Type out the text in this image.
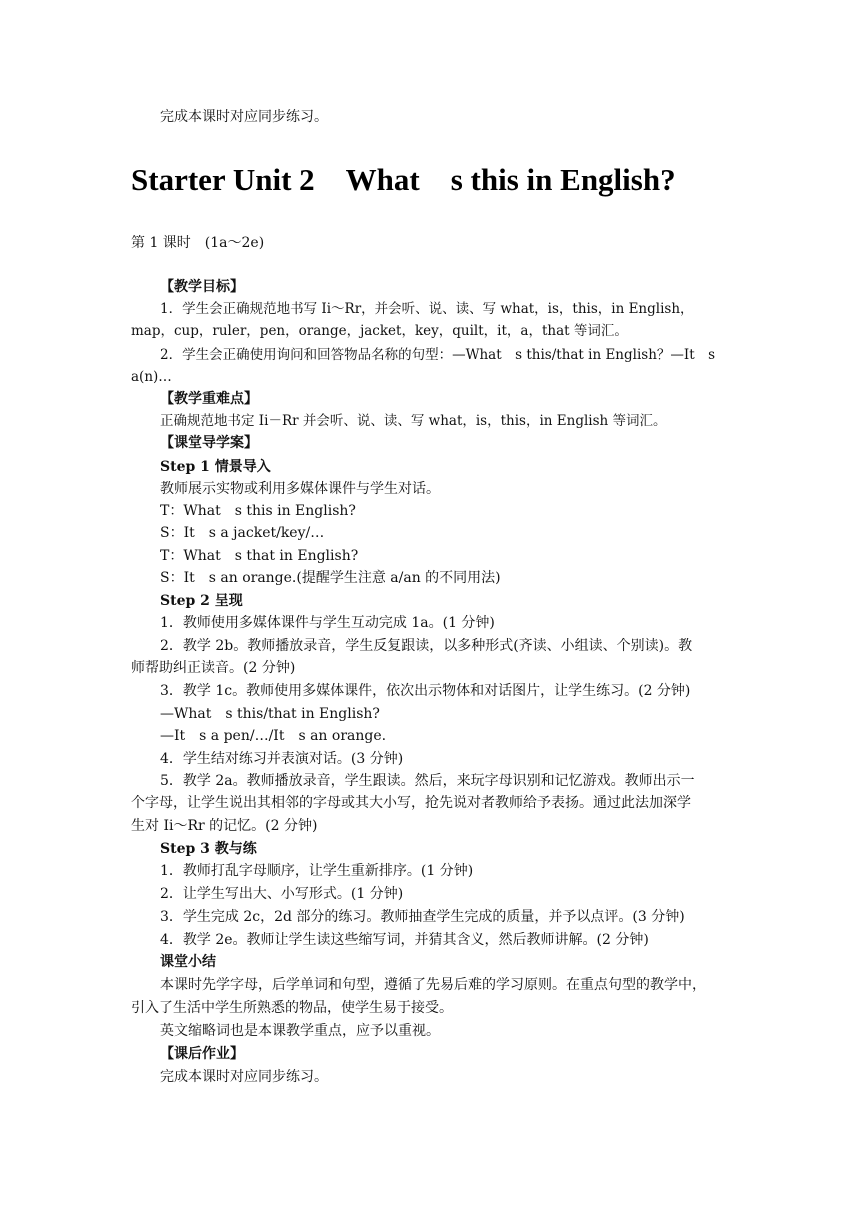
完成本课时对应同步练习。
Starter Unit 2　What　s this in English?
第 1 课时　(1a～2e)
【教学目标】
1．学生会正确规范地书写 Ii～Rr，并会听、说、读、写 what，is，this，in English，
map，cup，ruler，pen，orange，jacket，key，quilt，it，a，that 等词汇。
2．学生会正确使用询问和回答物品名称的句型：—What　s this/that in English？—It　s
a(n)…
【教学重难点】
正确规范地书定 Ii－Rr 并会听、说、读、写 what，is，this，in English 等词汇。
【课堂导学案】
Step 1 情景导入
教师展示实物或利用多媒体课件与学生对话。
T：What　s this in English?
S：It　s a jacket/key/…
T：What　s that in English?
S：It　s an orange.(提醒学生注意 a/an 的不同用法)
Step 2 呈现
1．教师使用多媒体课件与学生互动完成 1a。(1 分钟)
2．教学 2b。教师播放录音，学生反复跟读，以多种形式(齐读、小组读、个别读)。教
师帮助纠正读音。(2 分钟)
3．教学 1c。教师使用多媒体课件，依次出示物体和对话图片，让学生练习。(2 分钟)
—What　s this/that in English?
—It　s a pen/…/It　s an orange.
4．学生结对练习并表演对话。(3 分钟)
5．教学 2a。教师播放录音，学生跟读。然后，来玩字母识别和记忆游戏。教师出示一
个字母，让学生说出其相邻的字母或其大小写，抢先说对者教师给予表扬。通过此法加深学
生对 Ii～Rr 的记忆。(2 分钟)
Step 3 教与练
1．教师打乱字母顺序，让学生重新排序。(1 分钟)
2．让学生写出大、小写形式。(1 分钟)
3．学生完成 2c，2d 部分的练习。教师抽查学生完成的质量，并予以点评。(3 分钟)
4．教学 2e。教师让学生读这些缩写词，并猜其含义，然后教师讲解。(2 分钟)
课堂小结
本课时先学字母，后学单词和句型，遵循了先易后难的学习原则。在重点句型的教学中，
引入了生活中学生所熟悉的物品，使学生易于接受。
英文缩略词也是本课教学重点，应予以重视。
【课后作业】
完成本课时对应同步练习。
